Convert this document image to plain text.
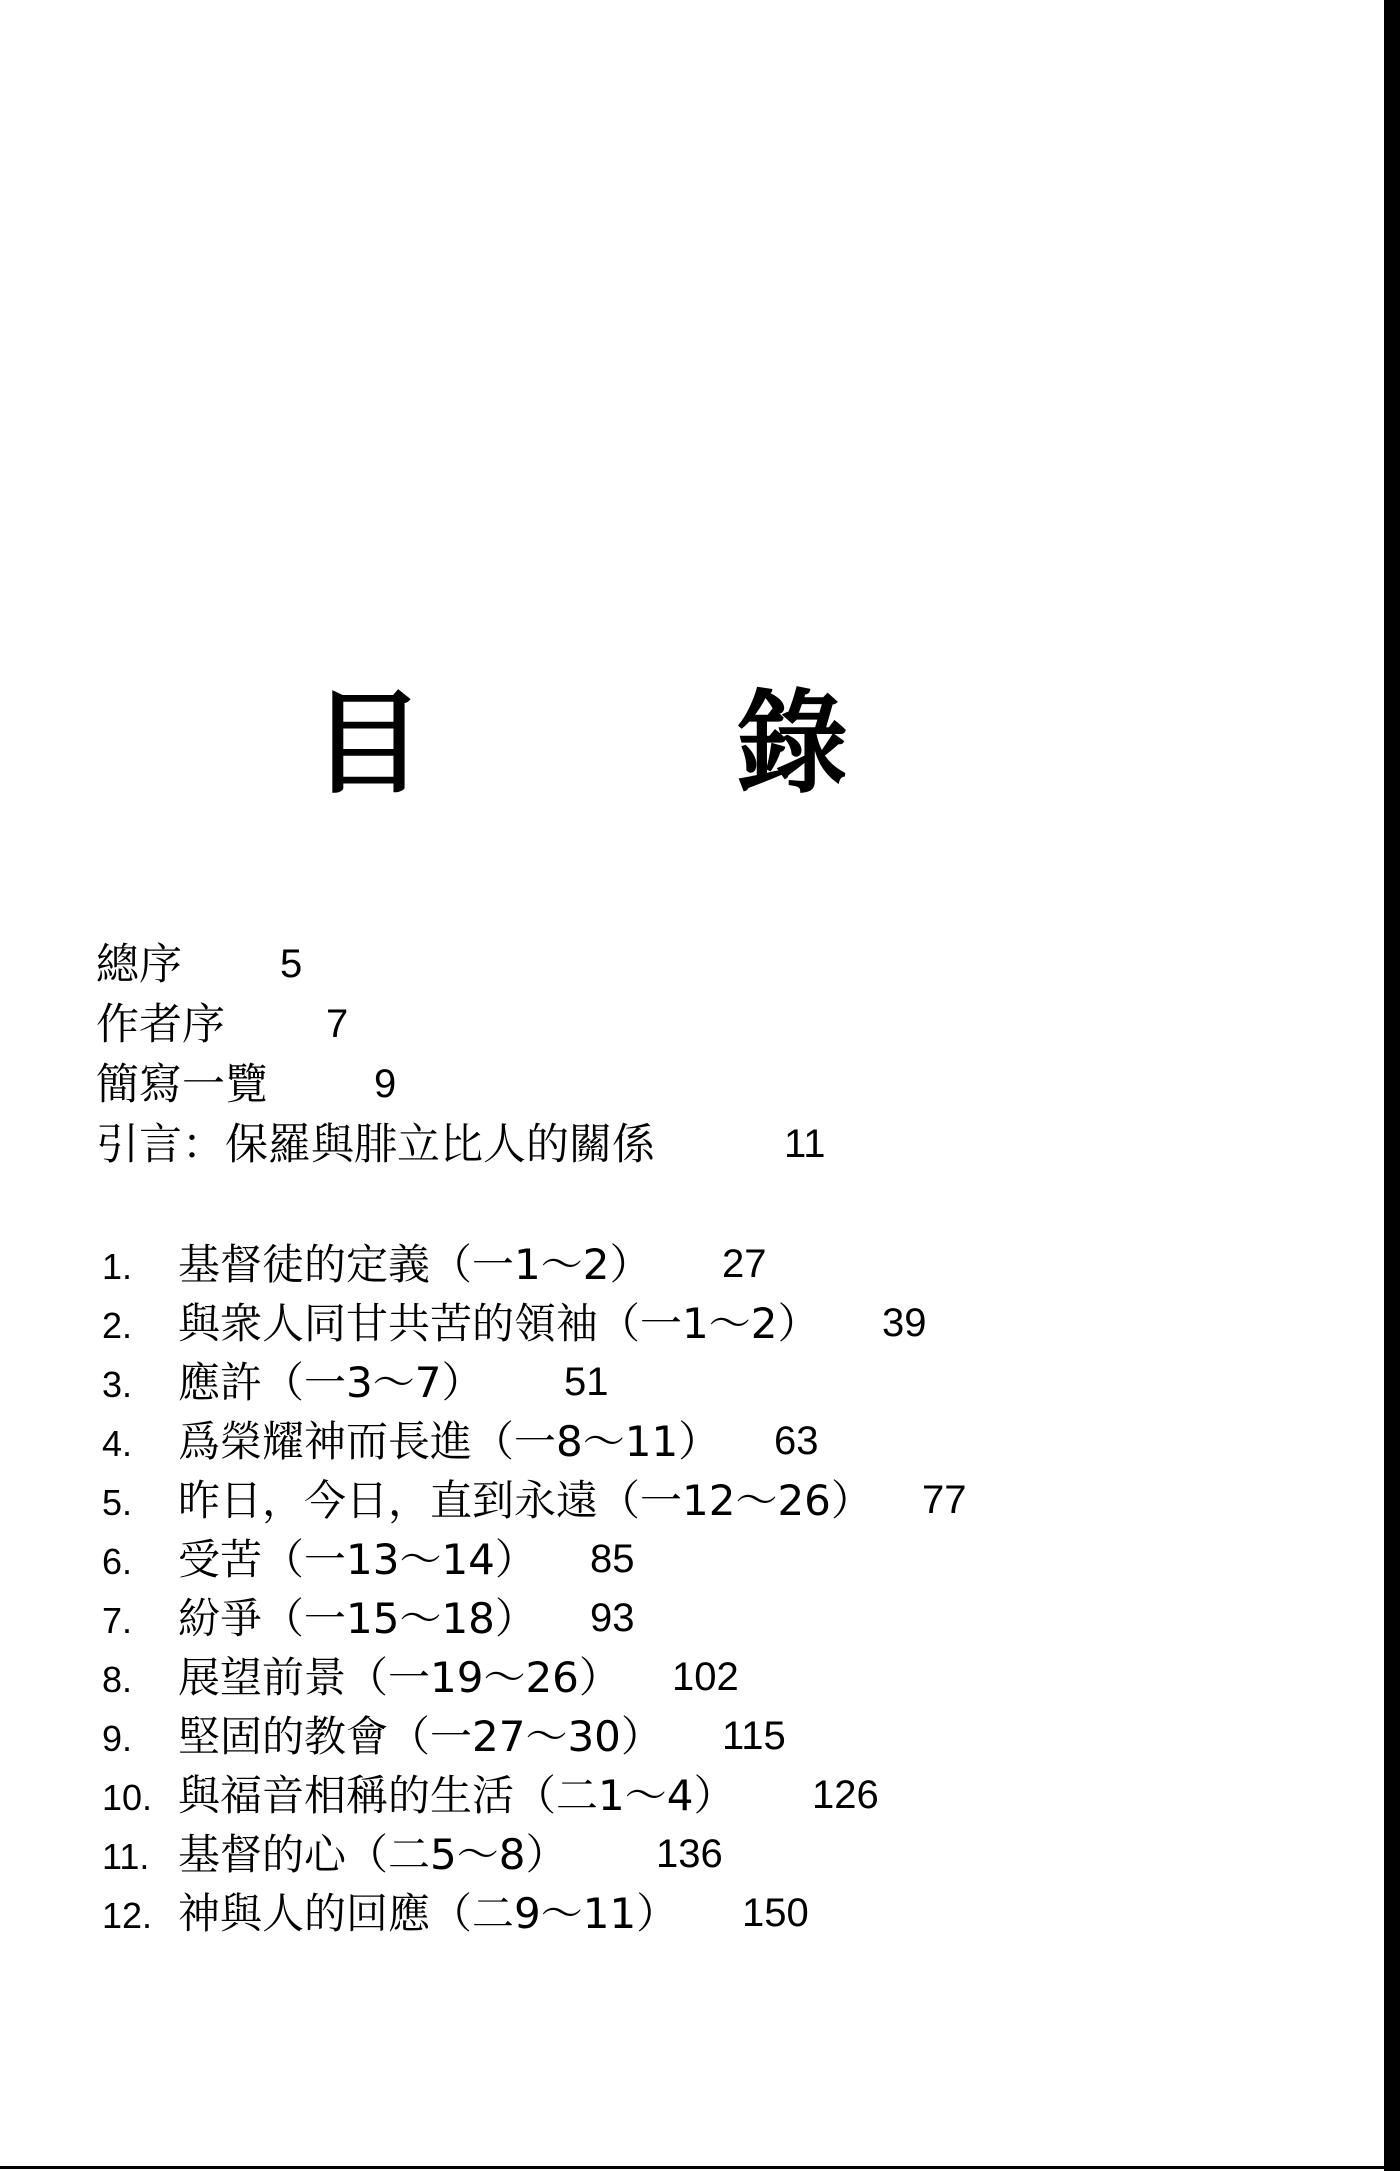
目　錄
總序 5
作者序	7
簡寫一覽	9
引言：保羅與腓立比人的關係	11
1. 基督徒的定義（一1～2） 27
2. 與衆人同甘共苦的領袖（一1～2） 39
3. 應許（一3～7） 51
4. 爲榮耀神而長進（一8～11） 63
5. 昨日，今日，直到永遠（一12～26） 77
6. 受苦（一13～14） 85
7. 紛爭（一15～18） 93
8. 展望前景（一19～26） 102
9. 堅固的教會（一27～30） 115
10. 與福音相稱的生活（二1～4） 126
11. 基督的心（二5～8） 136
12. 神與人的回應（二9～11） 150
